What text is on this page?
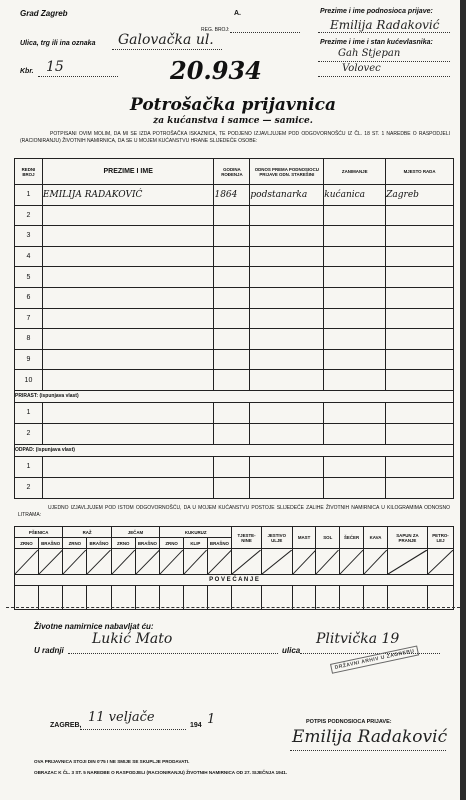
Grad Zagreb	A.	Prezime i ime podnosioca prijave:
Emilija Radaković
REG. BROJ:
Prezime i ime i stan kućevlasnika:
Gah Stjepan
Volovec
Ulica, trg ili ina oznaka Galovačka ul.
Kbr. 15	20.934
Potrošačka prijavnica
za kućanstva i samce — samice.
POTPISANI OVIM MOLIM, DA MI SE IZDA POTROŠAČKA ISKAZNICA, TE PODJENO IZJAVLJUJEM POD ODGOVORNOŠĆU IZ ČL. 18 ST. 1 NAREDBE O RASPODJELI (RACIONIRANJU) ŽIVOTNIH NAMIRNICA, DA SE U MOJEM KUĆANSTVU HRANE SLIJEDEĆE OSOBE:
REDNI BROJ	PREZIME I IME	GODINA ROĐENJA	ODNOS PREMA PODNOSIOCU PRIJAVE ODN. STAREŠINI	ZANIMANJE	MJESTO RADA
1	EMILIJA RADAKOVIĆ	1864	podstanarka	kućanica	Zagreb
2					
3					
4					
5					
6					
7					
8					
9					
10					
PRIRAST: (ispunjava vlast)					
1					
2					
ODPAD: (ispunjava vlast)					
1					
2					
UJEDNO IZJAVLJUJEM POD ISTOM ODGOVORNOŠĆU, DA U MOJEM KUĆANSTVU POSTOJE SLIJEDEĆE ZALIHE ŽIVOTNIH NAMIRNICA U KILOGRAMIMA ODNOSNO LITRAMA:
PŠENICA		RAŽ		JEČAM		KUKURUZ			TJESTE- NINE	JESTIVO ULJE	MAST	SOL	ŠEĆER	KAVA	SAPUN ZA PRANJE	PETRO- LEJ
ZRNO	BRAŠNO	ZRNO	BRAŠNO	ZRNO	BRAŠNO	ZRNO	KLIP	BRAŠNO								

P O V E Ć A N J E																

Životne namirnice nabavljat ću:
U radnji
Lukić Mato
ulica
Plitvička 19
DRŽAVNI ARHIV U ZAGREBU
ZAGREB,
11 veljače
194 1	POTPIS PODNOSIOCA PRIJAVE:
Emilija Radaković
OVA PRIJAVNICA STOJI DIN 0'75 I NE SMIJE SE SKUPLJE PRODAVATI.
OBRAZAC K ČL. 3 ST. 5 NAREDBE O RASPODJELI (RACIONIRANJU) ŽIVOTNIH NAMIRNICA OD 27. SIJEČNJA 1941.
